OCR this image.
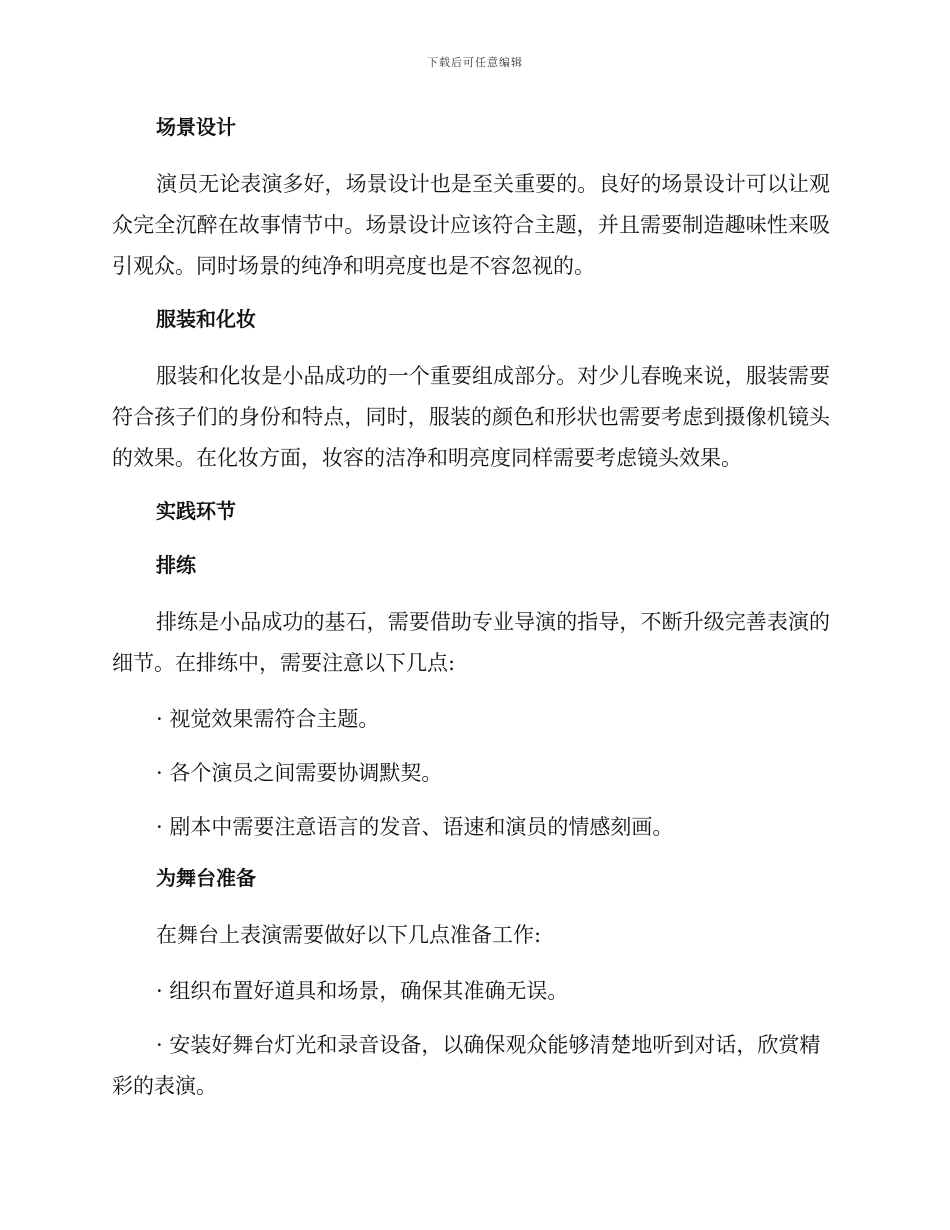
下载后可任意编辑
场景设计

演员无论表演多好，场景设计也是至关重要的。良好的场景设计可以让观众完全沉醉在故事情节中。场景设计应该符合主题，并且需要制造趣味性来吸引观众。同时场景的纯净和明亮度也是不容忽视的。

服装和化妆

服装和化妆是小品成功的一个重要组成部分。对少儿春晚来说，服装需要符合孩子们的身份和特点，同时，服装的颜色和形状也需要考虑到摄像机镜头的效果。在化妆方面，妆容的洁净和明亮度同样需要考虑镜头效果。

实践环节
排练

排练是小品成功的基石，需要借助专业导演的指导，不断升级完善表演的细节。在排练中，需要注意以下几点:

· 视觉效果需符合主题。
· 各个演员之间需要协调默契。
· 剧本中需要注意语言的发音、语速和演员的情感刻画。
为舞台准备

在舞台上表演需要做好以下几点准备工作:

· 组织布置好道具和场景，确保其准确无误。
· 安装好舞台灯光和录音设备，以确保观众能够清楚地听到对话，欣赏精彩的表演。
